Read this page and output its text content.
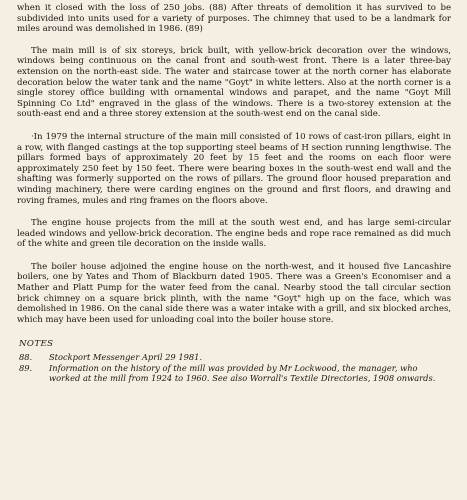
when it closed with the loss of 250 jobs. (88) After threats of demolition it has survived to be subdivided into units used for a variety of purposes. The chimney that used to be a landmark for miles around was demolished in 1986. (89)

The main mill is of six storeys, brick built, with yellow-brick decoration over the windows, windows being continuous on the canal front and south-west front. There is a later three-bay extension on the north-east side. The water and staircase tower at the north corner has elaborate decoration below the water tank and the name "Goyt" in white letters. Also at the north corner is a single storey office building with ornamental windows and parapet, and the name "Goyt Mill Spinning Co Ltd" engraved in the glass of the windows. There is a two-storey extension at the south-east end and a three storey extension at the south-west end on the canal side.

·In 1979 the internal structure of the main mill consisted of 10 rows of cast-iron pillars, eight in a row, with flanged castings at the top supporting steel beams of H section running lengthwise. The pillars formed bays of approximately 20 feet by 15 feet and the rooms on each floor were approximately 250 feet by 150 feet. There were bearing boxes in the south-west end wall and the shafting was formerly supported on the rows of pillars. The ground floor housed preparation and winding machinery, there were carding engines on the ground and first floors, and drawing and roving frames, mules and ring frames on the floors above.

The engine house projects from the mill at the south west end, and has large semi-circular leaded windows and yellow-brick decoration. The engine beds and rope race remained as did much of the white and green tile decoration on the inside walls.

The boiler house adjoined the engine house on the north-west, and it housed five Lancashire boilers, one by Yates and Thom of Blackburn dated 1905. There was a Green's Economiser and a Mather and Platt Pump for the water feed from the canal. Nearby stood the tall circular section brick chimney on a square brick plinth, with the name "Goyt" high up on the face, which was demolished in 1986. On the canal side there was a water intake with a grill, and six blocked arches, which may have been used for unloading coal into the boiler house store.

NOTES
88.	Stockport Messenger April 29 1981.
89.	Information on the history of the mill was provided by Mr Lockwood, the manager, who worked at the mill from 1924 to 1960. See also Worrall's Textile Directories, 1908 onwards.
